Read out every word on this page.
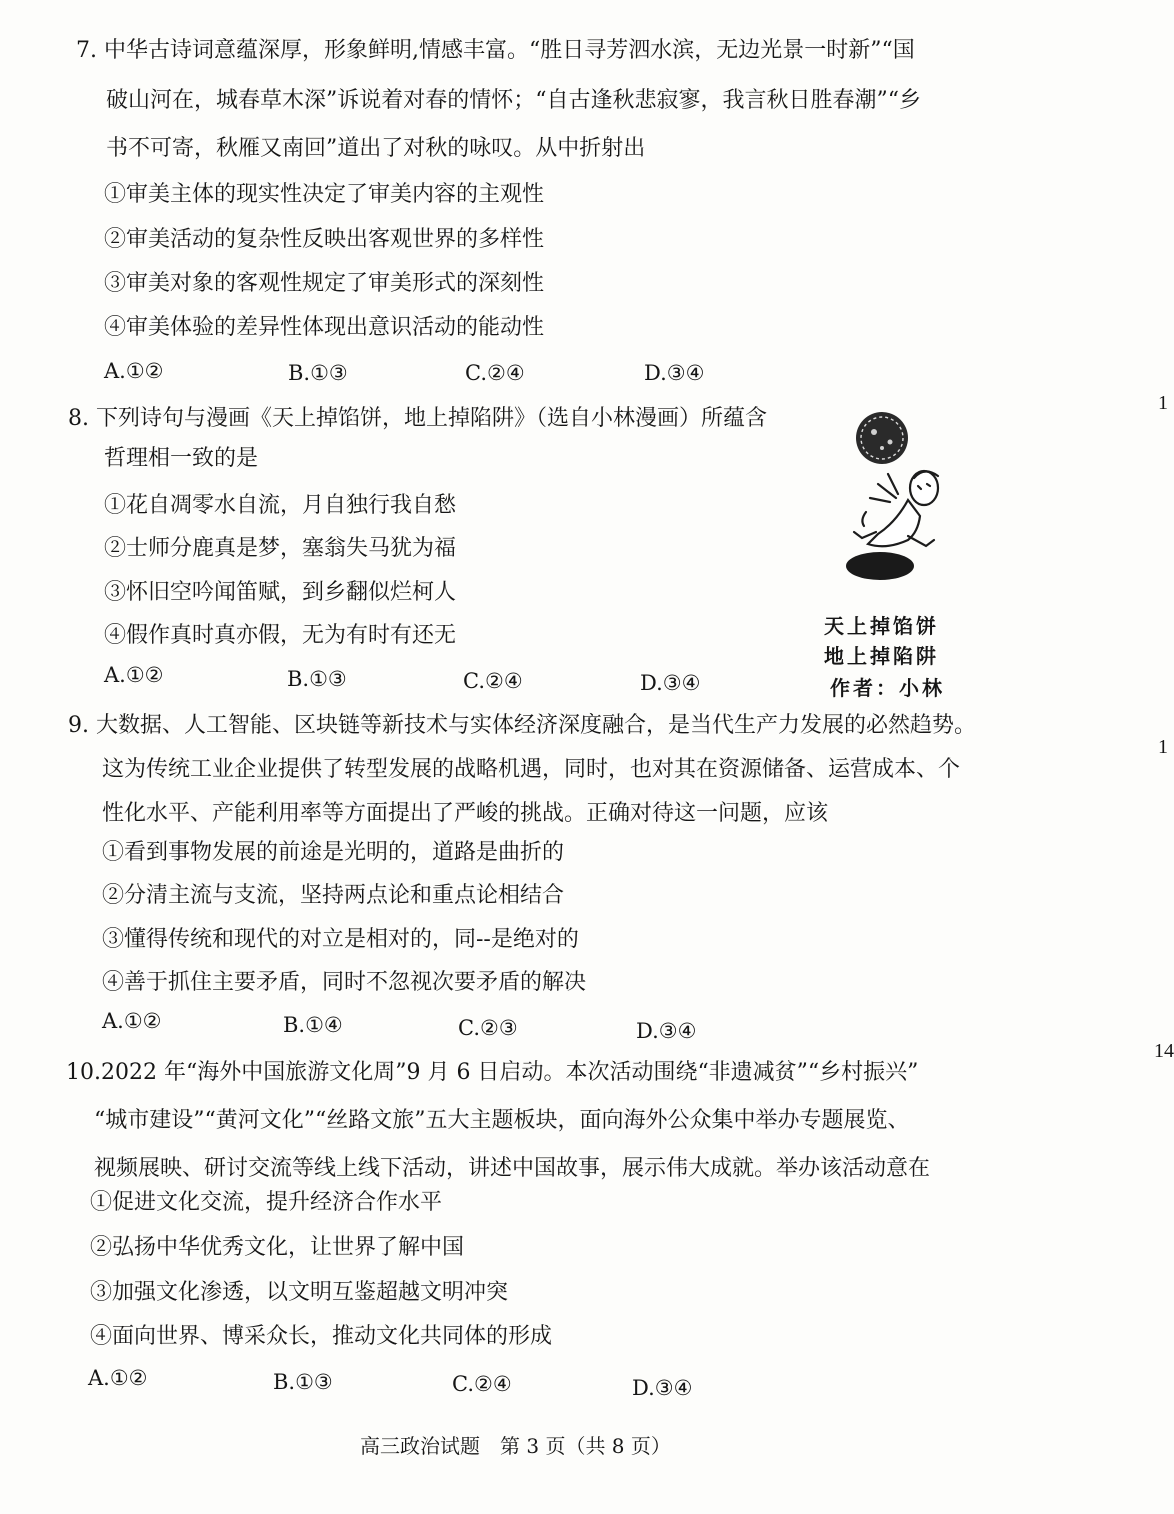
7. 中华古诗词意蕴深厚，形象鲜明,情感丰富。“胜日寻芳泗水滨，无边光景一时新”“国
破山河在，城春草木深”诉说着对春的情怀；“自古逢秋悲寂寥，我言秋日胜春潮”“乡
书不可寄，秋雁又南回”道出了对秋的咏叹。从中折射出
①审美主体的现实性决定了审美内容的主观性
②审美活动的复杂性反映出客观世界的多样性
③审美对象的客观性规定了审美形式的深刻性
④审美体验的差异性体现出意识活动的能动性
A.①②	B.①③	C.②④	D.③④
8. 下列诗句与漫画《天上掉馅饼，地上掉陷阱》（选自小林漫画）所蕴含
哲理相一致的是
①花自凋零水自流，月自独行我自愁
②士师分鹿真是梦，塞翁失马犹为福
③怀旧空吟闻笛赋，到乡翻似烂柯人
④假作真时真亦假，无为有时有还无
A.①②	B.①③	C.②④	D.③④
天上掉馅饼
地上掉陷阱
作者：小林
9. 大数据、人工智能、区块链等新技术与实体经济深度融合，是当代生产力发展的必然趋势。
这为传统工业企业提供了转型发展的战略机遇，同时，也对其在资源储备、运营成本、个
性化水平、产能利用率等方面提出了严峻的挑战。正确对待这一问题，应该
①看到事物发展的前途是光明的，道路是曲折的
②分清主流与支流，坚持两点论和重点论相结合
③懂得传统和现代的对立是相对的，同--是绝对的
④善于抓住主要矛盾，同时不忽视次要矛盾的解决
A.①②	B.①④	C.②③	D.③④
10.2022 年“海外中国旅游文化周”9 月 6 日启动。本次活动围绕“非遗减贫”“乡村振兴”
“城市建设”“黄河文化”“丝路文旅”五大主题板块，面向海外公众集中举办专题展览、
视频展映、研讨交流等线上线下活动，讲述中国故事，展示伟大成就。举办该活动意在
①促进文化交流，提升经济合作水平
②弘扬中华优秀文化，让世界了解中国
③加强文化渗透，以文明互鉴超越文明冲突
④面向世界、博采众长，推动文化共同体的形成
A.①②	B.①③	C.②④	D.③④
1
1
14
高三政治试题　第 3 页（共 8 页）
